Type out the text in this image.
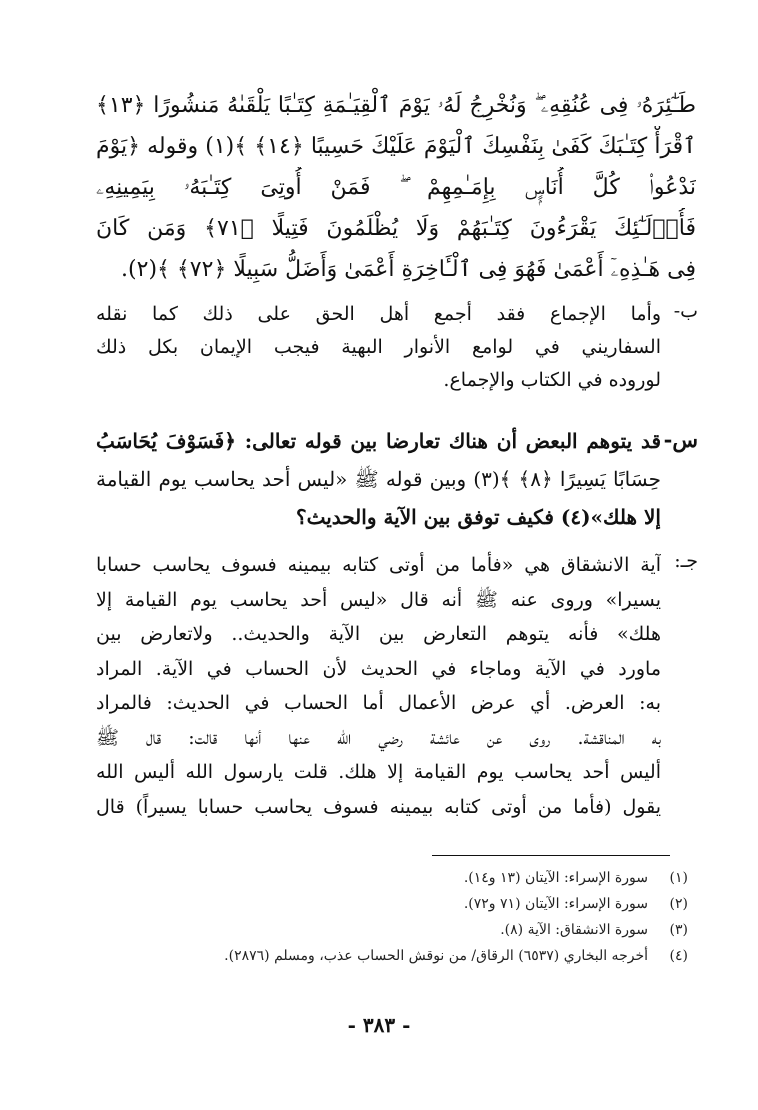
طَـٰٓئِرَهُۥ فِى عُنُقِهِۦ ۖ وَنُخْرِجُ لَهُۥ يَوْمَ ٱلْقِيَـٰمَةِ كِتَـٰبًا يَلْقَىٰهُ مَنشُورًا ﴿١٣﴾
ٱقْرَأْ كِتَـٰبَكَ كَفَىٰ بِنَفْسِكَ ٱلْيَوْمَ عَلَيْكَ حَسِيبًا ﴿١٤﴾ ﴾(١) وقوله ﴿يَوْمَ
نَدْعُوا۟ كُلَّ أُنَاسٍۭ بِإِمَـٰمِهِمْ ۖ فَمَنْ أُوتِىَ كِتَـٰبَهُۥ بِيَمِينِهِۦ
فَأُو۟لَـٰٓئِكَ يَقْرَءُونَ كِتَـٰبَهُمْ وَلَا يُظْلَمُونَ فَتِيلًا ﴿٧١﴾ وَمَن كَانَ
فِى هَـٰذِهِۦٓ أَعْمَىٰ فَهُوَ فِى ٱلْـَٔاخِرَةِ أَعْمَىٰ وَأَضَلُّ سَبِيلًا ﴿٧٢﴾ ﴾(٢).
ب-
وأما الإجماع فقد أجمع أهل الحق على ذلك كما نقله
السفاريني في لوامع الأنوار البهية فيجب الإيمان بكل ذلك
لوروده في الكتاب والإجماع.
س-
قد يتوهم البعض أن هناك تعارضا بين قوله تعالى: ﴿فَسَوْفَ يُحَاسَبُ
حِسَابًا يَسِيرًا ﴿٨﴾ ﴾(٣) وبين قوله ﷺ «ليس أحد يحاسب يوم القيامة
إلا هلك»(٤) فكيف توفق بين الآية والحديث؟
جـ:
آية الانشقاق هي «فأما من أوتى كتابه بيمينه فسوف يحاسب حسابا
يسيرا» وروى عنه ﷺ أنه قال «ليس أحد يحاسب يوم القيامة إلا
هلك» فأنه يتوهم التعارض بين الآية والحديث.. ولاتعارض بين
ماورد في الآية وماجاء في الحديث لأن الحساب في الآية. المراد
به: العرض. أي عرض الأعمال أما الحساب في الحديث: فالمراد
به المناقشة. روى عن عائشة رضي الله عنها أنها قالت: قال ﷺ
أليس أحد يحاسب يوم القيامة إلا هلك. قلت يارسول الله أليس الله
يقول (فأما من أوتى كتابه بيمينه فسوف يحاسب حسابا يسيراً) قال
(١)سورة الإسراء: الآيتان (١٣ و١٤).
(٢)سورة الإسراء: الآيتان (٧١ و٧٢).
(٣)سورة الانشقاق: الآية (٨).
(٤)أخرجه البخاري (٦٥٣٧) الرقاق/ من نوقش الحساب عذب، ومسلم (٢٨٧٦).
- ٣٨٣ -
